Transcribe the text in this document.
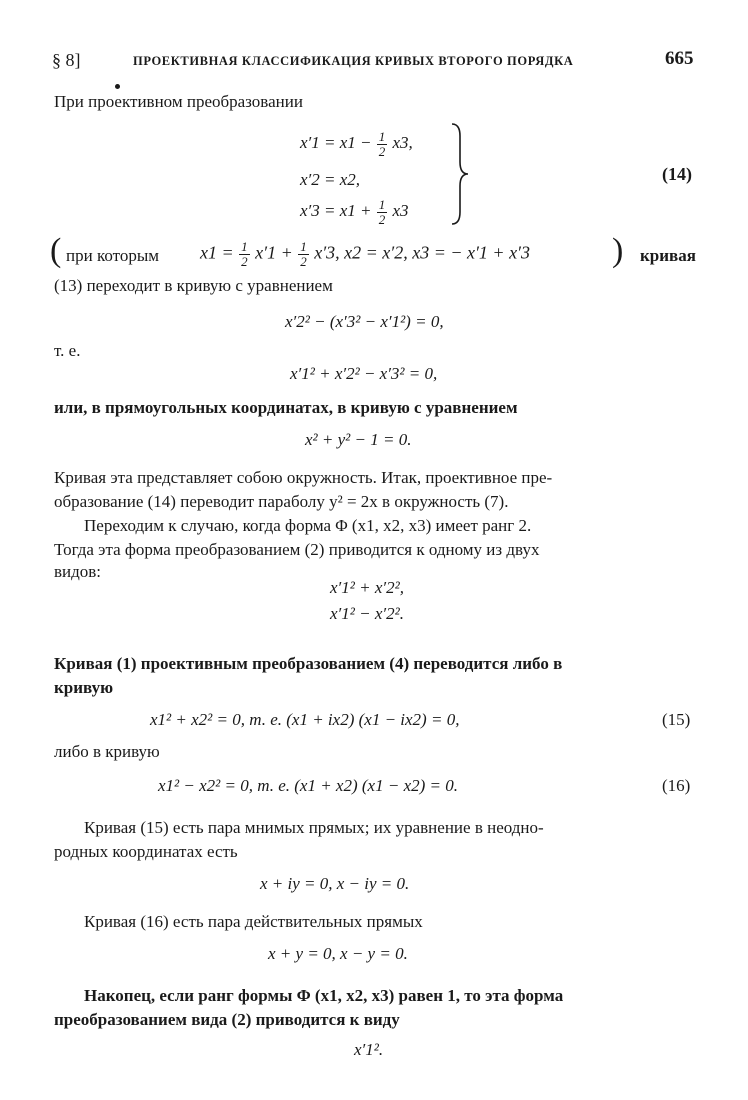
§ 8]	ПРОЕКТИВНАЯ КЛАССИФИКАЦИЯ КРИВЫХ ВТОРОГО ПОРЯДКА	665
При проективном преобразовании
$x'1 = x1 - \frac{1}{2} x3$,
x′2 = x2,
$x'3 = x1 + \frac{1}{2} x3$
(14)
( при которым $x1 = \frac{1}{2} x'1 + \frac{1}{2} x'3$, x2 = x′2, x3 = − x′1 + x′3 ) кривая
(13) переходит в кривую с уравнением
x′2² − (x′3² − x′1²) = 0,
т. е.
x′1² + x′2² − x′3² = 0,
или, в прямоугольных координатах, в кривую с уравнением
x² + y² − 1 = 0.
Кривая эта представляет собою окружность. Итак, проективное пре-
образование (14) переводит параболу y² = 2x в окружность (7).
Переходим к случаю, когда форма Φ (x1, x2, x3) имеет ранг 2.
Тогда эта форма преобразованием (2) приводится к одному из двух
видов:
x′1² + x′2²,
x′1² − x′2².
Кривая (1) проективным преобразованием (4) переводится либо в
кривую
x1² + x2² = 0, т. е. (x1 + ix2) (x1 − ix2) = 0,	(15)
либо в кривую
x1² − x2² = 0, т. е. (x1 + x2) (x1 − x2) = 0.	(16)
Кривая (15) есть пара мнимых прямых; их уравнение в неодно-
родных координатах есть
x + iy = 0, x − iy = 0.
Кривая (16) есть пара действительных прямых
x + y = 0, x − y = 0.
Накопец, если ранг формы Φ (x1, x2, x3) равен 1, то эта форма
преобразованием вида (2) приводится к виду
x′1².
